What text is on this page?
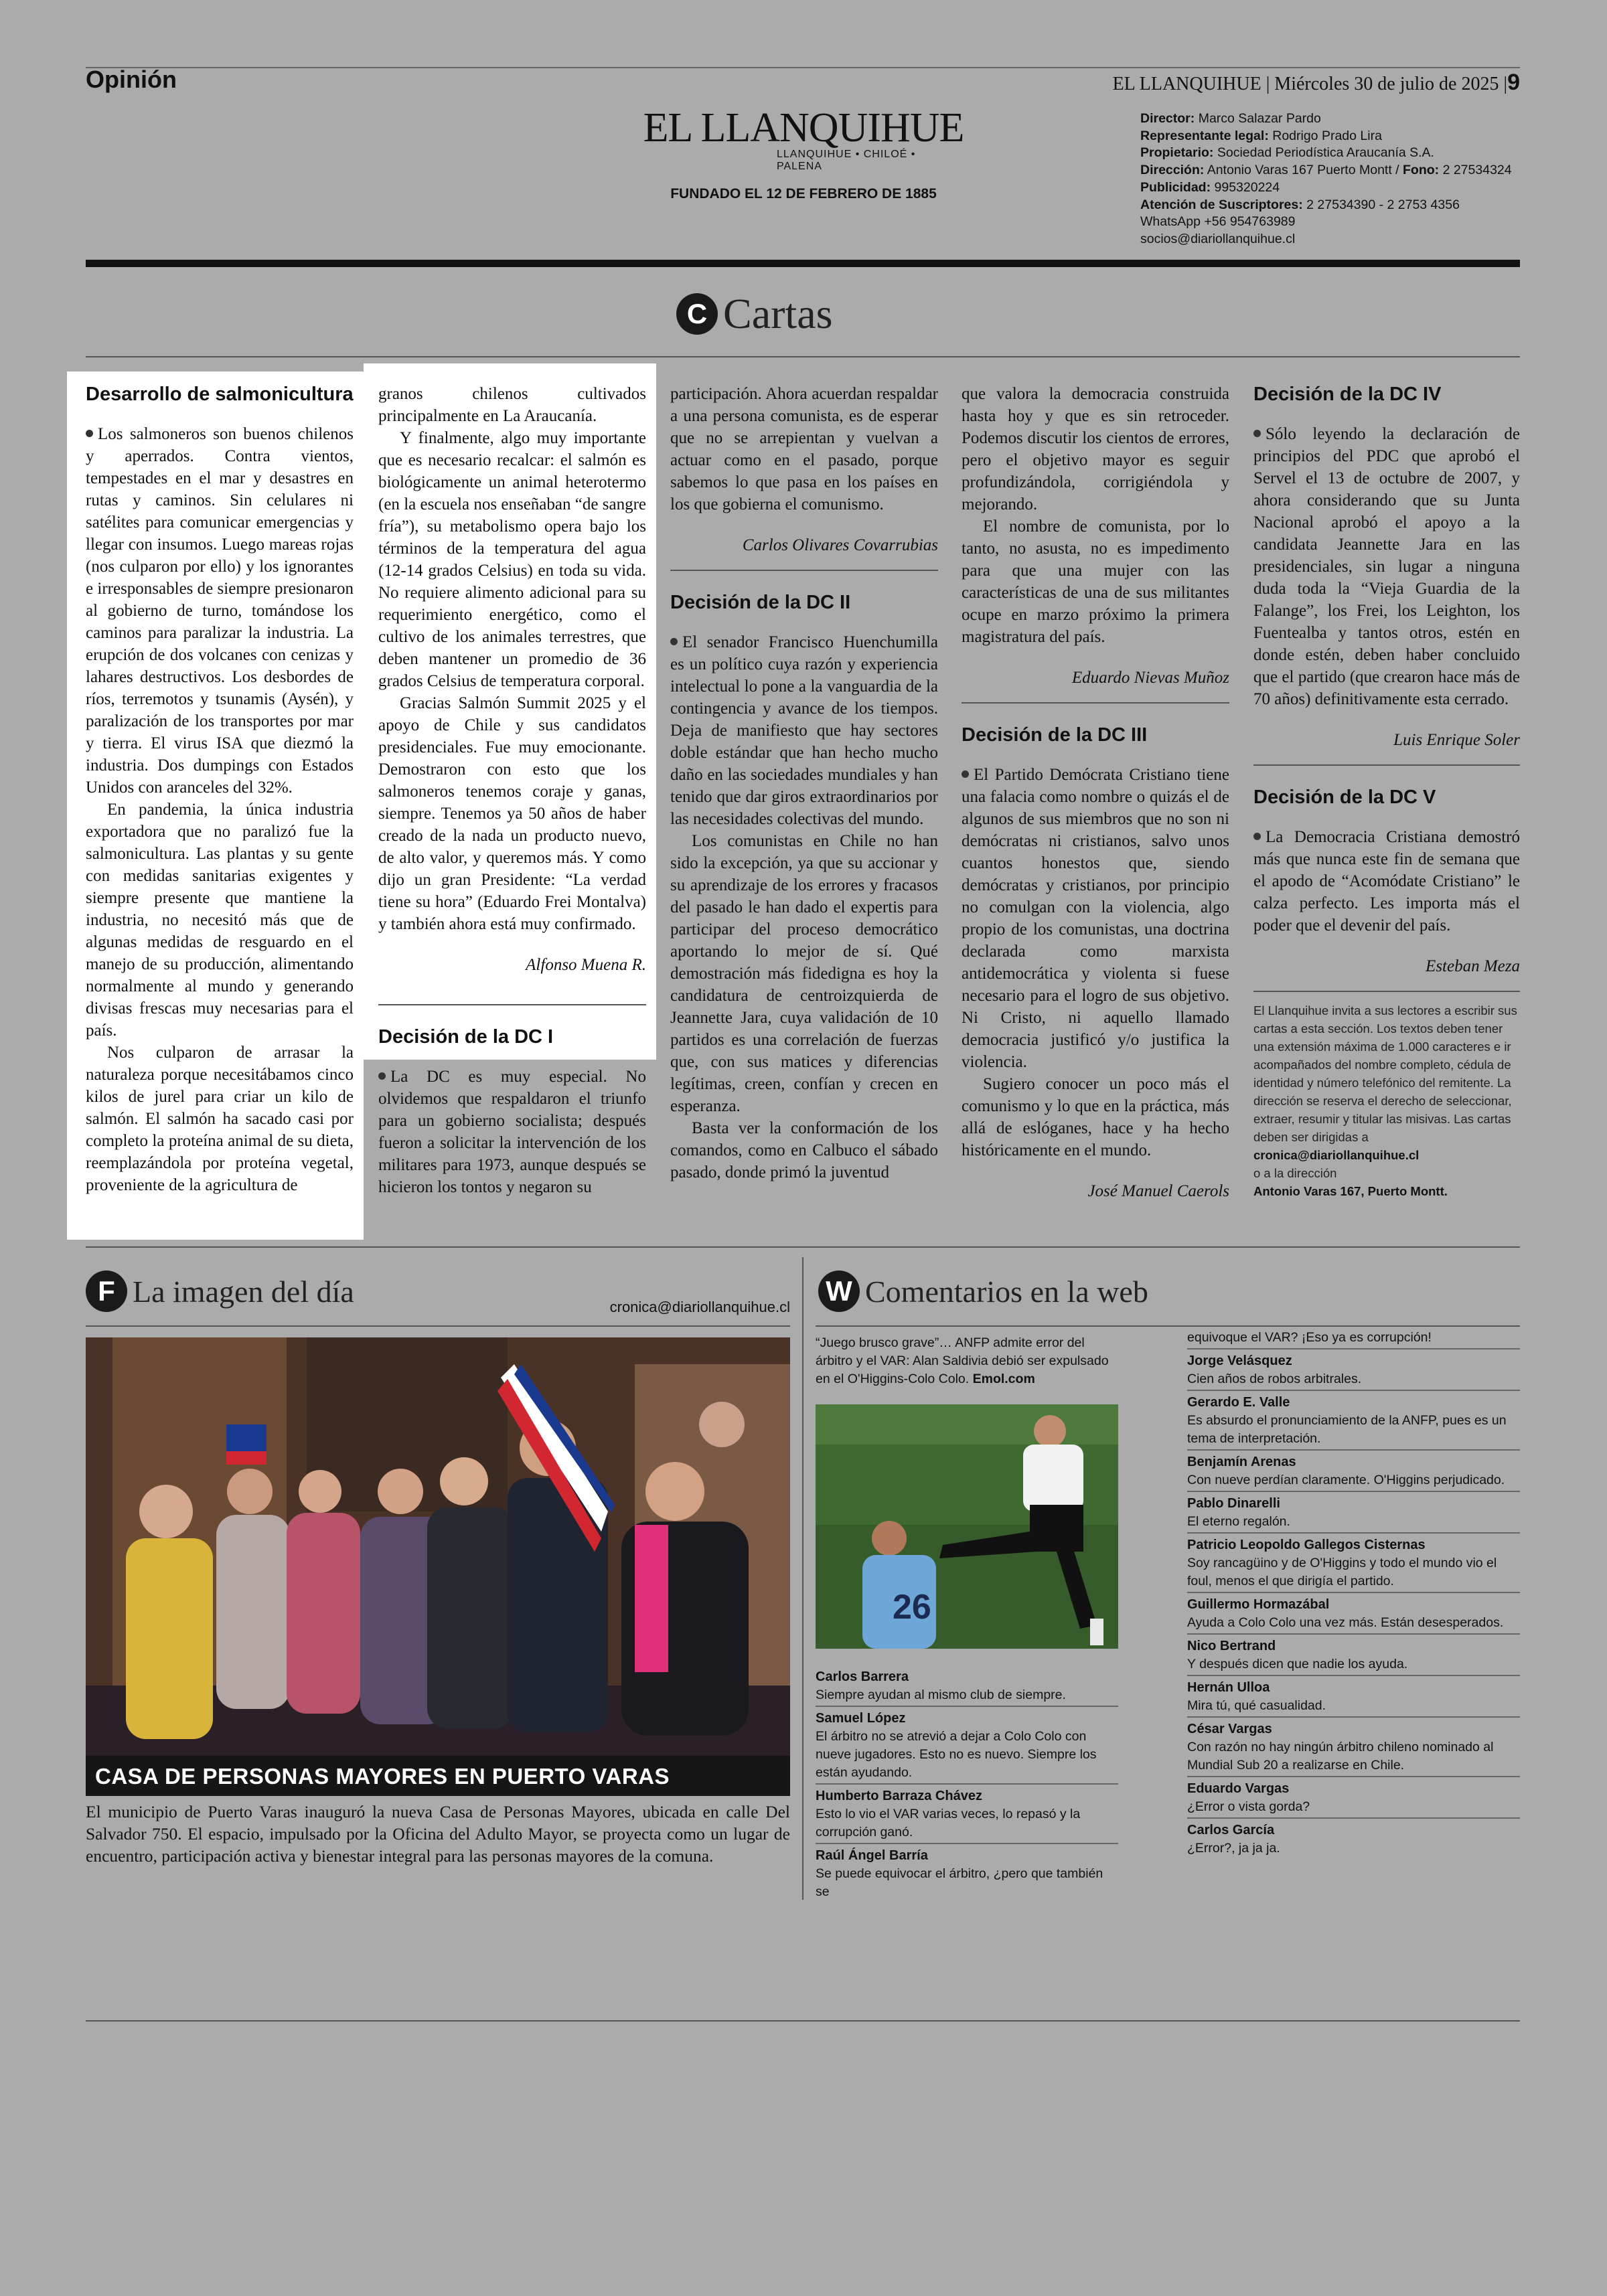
Opinión	EL LLANQUIHUE | Miércoles 30 de julio de 2025 |9
EL LLANQUIHUE
LLANQUIHUE • CHILOÉ • PALENA
FUNDADO EL 12 DE FEBRERO DE 1885
Director: Marco Salazar Pardo
Representante legal: Rodrigo Prado Lira
Propietario: Sociedad Periodística Araucanía S.A.
Dirección: Antonio Varas 167 Puerto Montt / Fono: 2 27534324
Publicidad: 995320224
Atención de Suscriptores: 2 27534390 - 2 2753 4356
WhatsApp +56 954763989
socios@diariollanquihue.cl
C Cartas
Desarrollo de salmonicultura

Los salmoneros son buenos chilenos y aperrados. Contra vientos, tempestades en el mar y desastres en rutas y caminos. Sin celulares ni satélites para comunicar emergencias y llegar con insumos. Luego mareas rojas (nos culparon por ello) y los ignorantes e irresponsables de siempre presionaron al gobierno de turno, tomándose los caminos para paralizar la industria. La erupción de dos volcanes con cenizas y lahares destructivos. Los desbordes de ríos, terremotos y tsunamis (Aysén), y paralización de los transportes por mar y tierra. El virus ISA que diezmó la industria. Dos dumpings con Estados Unidos con aranceles del 32%.

En pandemia, la única industria exportadora que no paralizó fue la salmonicultura. Las plantas y su gente con medidas sanitarias exigentes y siempre presente que mantiene la industria, no necesitó más que de algunas medidas de resguardo en el manejo de su producción, alimentando normalmente al mundo y generando divisas frescas muy necesarias para el país.

Nos culparon de arrasar la naturaleza porque necesitábamos cinco kilos de jurel para criar un kilo de salmón. El salmón ha sacado casi por completo la proteína animal de su dieta, reemplazándola por proteína vegetal, proveniente de la agricultura de

granos chilenos cultivados principalmente en La Araucanía.

Y finalmente, algo muy importante que es necesario recalcar: el salmón es biológicamente un animal heterotermo (en la escuela nos enseñaban “de sangre fría”), su metabolismo opera bajo los términos de la temperatura del agua (12-14 grados Celsius) en toda su vida. No requiere alimento adicional para su requerimiento energético, como el cultivo de los animales terrestres, que deben mantener un promedio de 36 grados Celsius de temperatura corporal.

Gracias Salmón Summit 2025 y el apoyo de Chile y sus candidatos presidenciales. Fue muy emocionante. Demostraron con esto que los salmoneros tenemos coraje y ganas, siempre. Tenemos ya 50 años de haber creado de la nada un producto nuevo, de alto valor, y queremos más. Y como dijo un gran Presidente: “La verdad tiene su hora” (Eduardo Frei Montalva) y también ahora está muy confirmado.

Alfonso Muena R.

Decisión de la DC I

La DC es muy especial. No olvidemos que respaldaron el triunfo para un gobierno socialista; después fueron a solicitar la intervención de los militares para 1973, aunque después se hicieron los tontos y negaron su

participación. Ahora acuerdan respaldar a una persona comunista, es de esperar que no se arrepientan y vuelvan a actuar como en el pasado, porque sabemos lo que pasa en los países en los que gobierna el comunismo.

Carlos Olivares Covarrubias

Decisión de la DC II

El senador Francisco Huenchumilla es un político cuya razón y experiencia intelectual lo pone a la vanguardia de la contingencia y avance de los tiempos. Deja de manifiesto que hay sectores doble estándar que han hecho mucho daño en las sociedades mundiales y han tenido que dar giros extraordinarios por las necesidades colectivas del mundo.

Los comunistas en Chile no han sido la excepción, ya que su accionar y su aprendizaje de los errores y fracasos del pasado le han dado el expertis para participar del proceso democrático aportando lo mejor de sí. Qué demostración más fidedigna es hoy la candidatura de centroizquierda de Jeannette Jara, cuya validación de 10 partidos es una correlación de fuerzas que, con sus matices y diferencias legítimas, creen, confían y crecen en esperanza.

Basta ver la conformación de los comandos, como en Calbuco el sábado pasado, donde primó la juventud

que valora la democracia construida hasta hoy y que es sin retroceder. Podemos discutir los cientos de errores, pero el objetivo mayor es seguir profundizándola, corrigiéndola y mejorando.

El nombre de comunista, por lo tanto, no asusta, no es impedimento para que una mujer con las características de una de sus militantes ocupe en marzo próximo la primera magistratura del país.

Eduardo Nievas Muñoz

Decisión de la DC III

El Partido Demócrata Cristiano tiene una falacia como nombre o quizás el de algunos de sus miembros que no son ni demócratas ni cristianos, salvo unos cuantos honestos que, siendo demócratas y cristianos, por principio no comulgan con la violencia, algo propio de los comunistas, una doctrina declarada como marxista antidemocrática y violenta si fuese necesario para el logro de sus objetivo. Ni Cristo, ni aquello llamado democracia justificó y/o justifica la violencia.

Sugiero conocer un poco más el comunismo y lo que en la práctica, más allá de eslóganes, hace y ha hecho históricamente en el mundo.

José Manuel Caerols

Decisión de la DC IV

Sólo leyendo la declaración de principios del PDC que aprobó el Servel el 13 de octubre de 2007, y ahora considerando que su Junta Nacional aprobó el apoyo a la candidata Jeannette Jara en las presidenciales, sin lugar a ninguna duda toda la “Vieja Guardia de la Falange”, los Frei, los Leighton, los Fuentealba y tantos otros, estén en donde estén, deben haber concluido que el partido (que crearon hace más de 70 años) definitivamente esta cerrado.

Luis Enrique Soler

Decisión de la DC V

La Democracia Cristiana demostró más que nunca este fin de semana que el apodo de “Acomódate Cristiano” le calza perfecto. Les importa más el poder que el devenir del país.

Esteban Meza

El Llanquihue invita a sus lectores a escribir sus cartas a esta sección. Los textos deben tener una extensión máxima de 1.000 caracteres e ir acompañados del nombre completo, cédula de identidad y número telefónico del remitente. La dirección se reserva el derecho de seleccionar, extraer, resumir y titular las misivas. Las cartas deben ser dirigidas a
cronica@diariollanquihue.cl
o a la dirección
Antonio Varas 167, Puerto Montt.
F La imagen del día	cronica@diariollanquihue.cl
CASA DE PERSONAS MAYORES EN PUERTO VARAS
El municipio de Puerto Varas inauguró la nueva Casa de Personas Mayores, ubicada en calle Del Salvador 750. El espacio, impulsado por la Oficina del Adulto Mayor, se proyecta como un lugar de encuentro, participación activa y bienestar integral para las personas mayores de la comuna.
W Comentarios en la web
“Juego brusco grave”… ANFP admite error del árbitro y el VAR: Alan Saldivia debió ser expulsado en el O'Higgins-Colo Colo. Emol.com
26
Carlos Barrera
Siempre ayudan al mismo club de siempre.
Samuel López
El árbitro no se atrevió a dejar a Colo Colo con nueve jugadores. Esto no es nuevo. Siempre los están ayudando.
Humberto Barraza Chávez
Esto lo vio el VAR varias veces, lo repasó y la corrupción ganó.
Raúl Ángel Barría
Se puede equivocar el árbitro, ¿pero que también se
equivoque el VAR? ¡Eso ya es corrupción!
Jorge Velásquez
Cien años de robos arbitrales.
Gerardo E. Valle
Es absurdo el pronunciamiento de la ANFP, pues es un tema de interpretación.
Benjamín Arenas
Con nueve perdían claramente. O'Higgins perjudicado.
Pablo Dinarelli
El eterno regalón.
Patricio Leopoldo Gallegos Cisternas
Soy rancagüino y de O'Higgins y todo el mundo vio el foul, menos el que dirigía el partido.
Guillermo Hormazábal
Ayuda a Colo Colo una vez más. Están desesperados.
Nico Bertrand
Y después dicen que nadie los ayuda.
Hernán Ulloa
Mira tú, qué casualidad.
César Vargas
Con razón no hay ningún árbitro chileno nominado al Mundial Sub 20 a realizarse en Chile.
Eduardo Vargas
¿Error o vista gorda?
Carlos García
¿Error?, ja ja ja.
